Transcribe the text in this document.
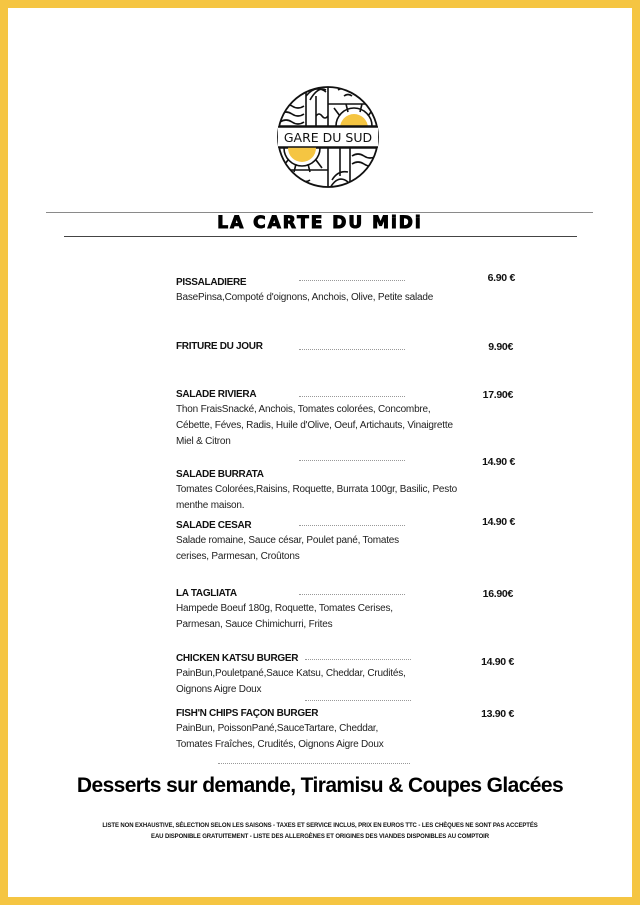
GARE DU SUD
LA CARTE DU MiDi
PISSALADIERE
BasePinsa,Compoté d'oignons, Anchois, Olive, Petite salade
6.90 €
FRITURE DU JOUR	9.90€
SALADE RIVIERA
Thon FraisSnacké, Anchois, Tomates colorées, Concombre,
Cébette, Féves, Radis, Huile d'Olive, Oeuf, Artichauts, Vinaigrette
Miel & Citron
17.90€
14.90 €
SALADE BURRATA
Tomates Colorées,Raisins, Roquette, Burrata 100gr, Basilic, Pesto
menthe maison.
SALADE CESAR
Salade romaine, Sauce césar, Poulet pané, Tomates
cerises, Parmesan, Croûtons
14.90 €
LA TAGLIATA
Hampede Boeuf 180g, Roquette, Tomates Cerises,
Parmesan, Sauce Chimichurri, Frites
16.90€
CHICKEN KATSU BURGER
PainBun,Pouletpané,Sauce Katsu, Cheddar, Crudités,
Oignons Aigre Doux
14.90 €
FISH'N CHIPS FAÇON BURGER
PainBun, PoissonPané,SauceTartare, Cheddar,
Tomates Fraîches, Crudités, Oignons Aigre Doux
13.90 €
Desserts sur demande, Tiramisu & Coupes Glacées
LISTE NON EXHAUSTIVE, SÉLECTION SELON LES SAISONS - TAXES ET SERVICE INCLUS, PRIX EN EUROS TTC - LES CHÈQUES NE SONT PAS ACCEPTÉS
EAU DISPONIBLE GRATUITEMENT - LISTE DES ALLERGÈNES ET ORIGINES DES VIANDES DISPONIBLES AU COMPTOIR
